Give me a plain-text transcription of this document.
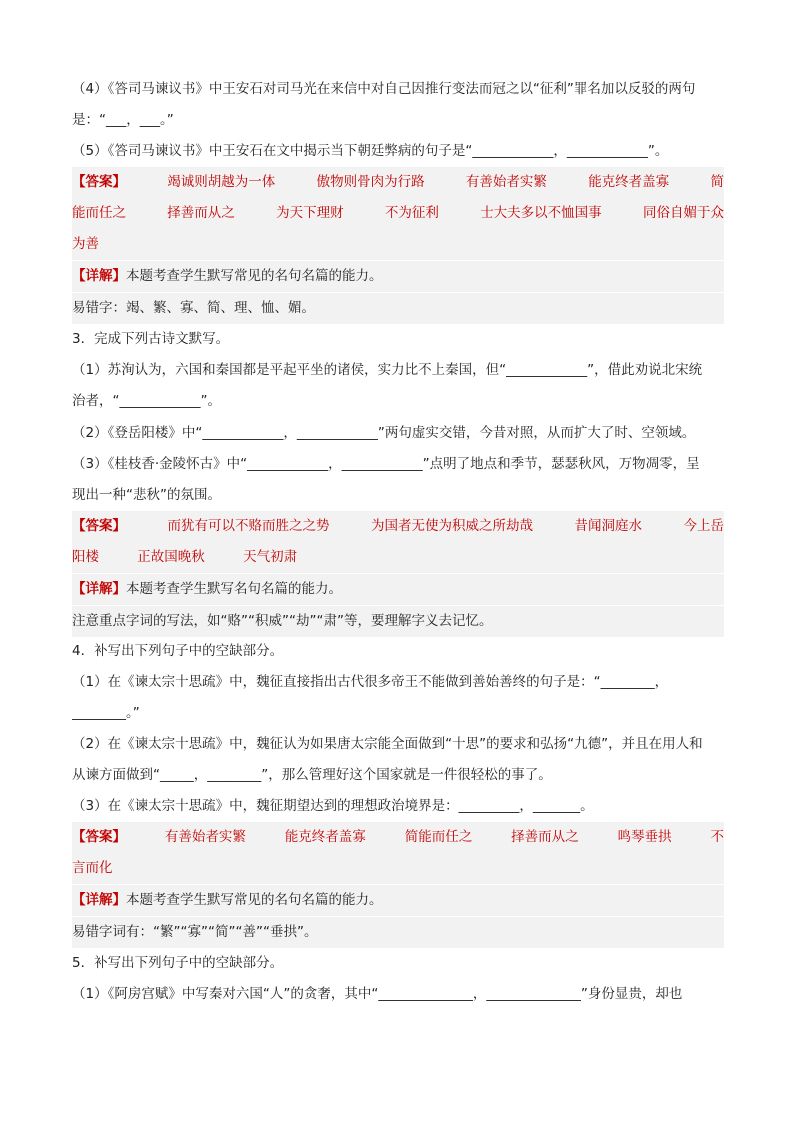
（4）《答司马谏议书》中王安石对司马光在来信中对自己因推行变法而冠之以“征利”罪名加以反驳的两句
是：“___，___。”
（5）《答司马谏议书》中王安石在文中揭示当下朝廷弊病的句子是“____________，____________”。
【答案】	竭诚则胡越为一体	傲物则骨肉为行路	有善始者实繁	能克终者盖寡	简
能而任之	择善而从之	为天下理财	不为征利	士大夫多以不恤国事	同俗自媚于众
为善
【详解】本题考查学生默写常见的名句名篇的能力。
易错字：竭、繁、寡、简、理、恤、媚。
3．完成下列古诗文默写。
（1）苏洵认为，六国和秦国都是平起平坐的诸侯，实力比不上秦国，但“____________”，借此劝说北宋统
治者，“____________”。
（2）《登岳阳楼》中“____________，____________”两句虚实交错，今昔对照，从而扩大了时、空领域。
（3）《桂枝香·金陵怀古》中“____________，____________”点明了地点和季节，瑟瑟秋风，万物凋零，呈
现出一种“悲秋”的氛围。
【答案】	而犹有可以不赂而胜之之势	为国者无使为积威之所劫哉	昔闻洞庭水	今上岳
阳楼	正故国晚秋	天气初肃
【详解】本题考查学生默写名句名篇的能力。
注意重点字词的写法，如“赂”“积威”“劫”“肃”等，要理解字义去记忆。
4．补写出下列句子中的空缺部分。
（1）在《谏太宗十思疏》中，魏征直接指出古代很多帝王不能做到善始善终的句子是：“________，
________。”
（2）在《谏太宗十思疏》中，魏征认为如果唐太宗能全面做到“十思”的要求和弘扬“九德”，并且在用人和
从谏方面做到“_____，________”，那么管理好这个国家就是一件很轻松的事了。
（3）在《谏太宗十思疏》中，魏征期望达到的理想政治境界是：_________，_______。
【答案】	有善始者实繁	能克终者盖寡	简能而任之	择善而从之	鸣琴垂拱	不
言而化
【详解】本题考查学生默写常见的名句名篇的能力。
易错字词有：“繁”“寡”“简”“善”“垂拱”。
5．补写出下列句子中的空缺部分。
（1）《阿房宫赋》中写秦对六国“人”的贪奢，其中“______________，______________”身份显贵，却也
